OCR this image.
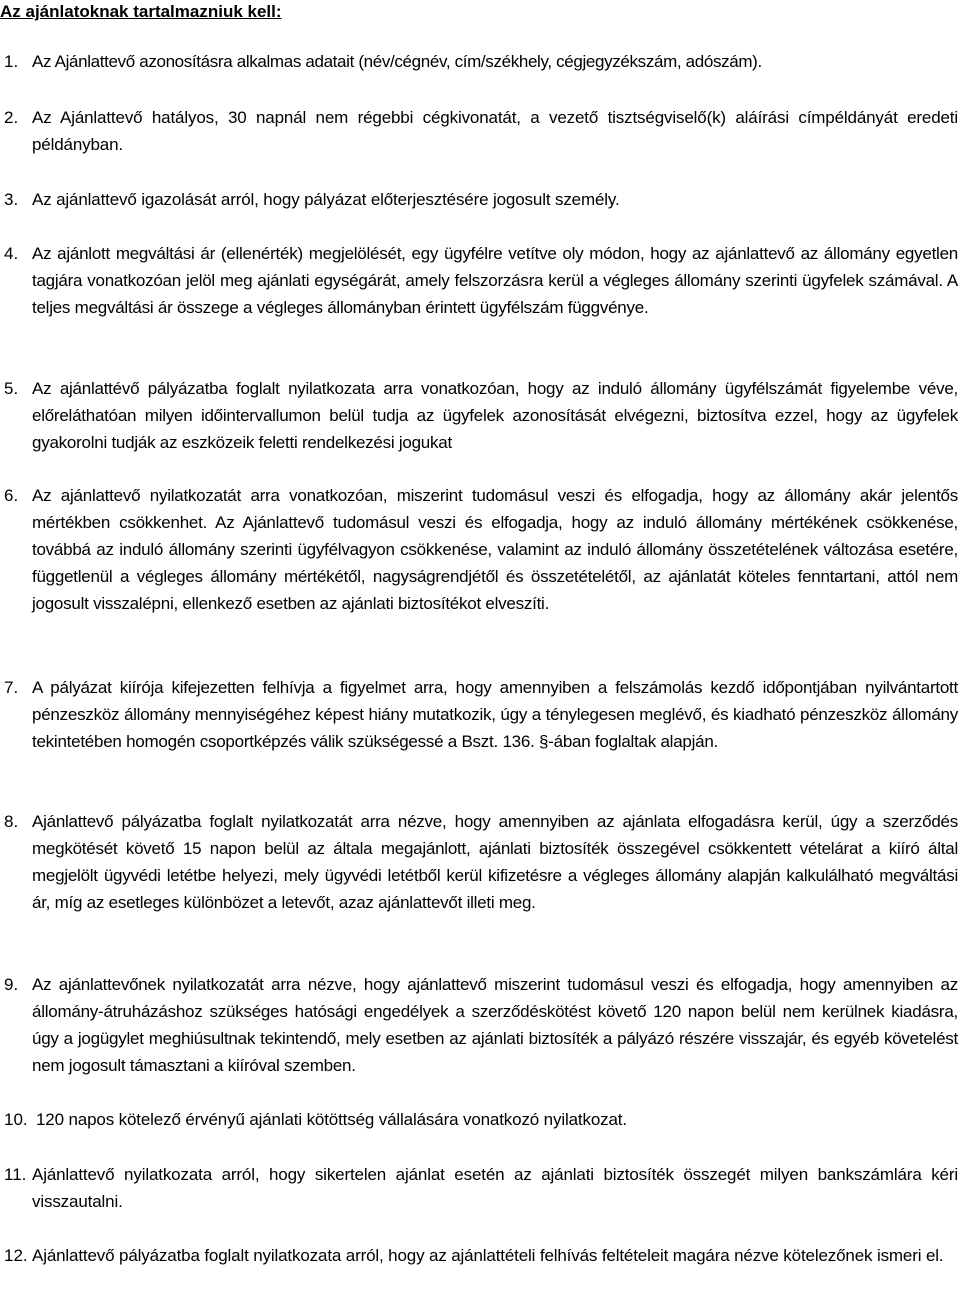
Az ajánlatoknak tartalmazniuk kell:
1. Az Ajánlattevő azonosításra alkalmas adatait (név/cégnév, cím/székhely, cégjegyzékszám, adószám).
2. Az Ajánlattevő hatályos, 30 napnál nem régebbi cégkivonatát, a vezető tisztségviselő(k) aláírási címpéldányát eredeti példányban.
3. Az ajánlattevő igazolását arról, hogy pályázat előterjesztésére jogosult személy.
4. Az ajánlott megváltási ár (ellenérték) megjelölését, egy ügyfélre vetítve oly módon, hogy az ajánlattevő az állomány egyetlen tagjára vonatkozóan jelöl meg ajánlati egységárát, amely felszorzásra kerül a végleges állomány szerinti ügyfelek számával. A teljes megváltási ár összege a végleges állományban érintett ügyfélszám függvénye.
5. Az ajánlattévő pályázatba foglalt nyilatkozata arra vonatkozóan, hogy az induló állomány ügyfélszámát figyelembe véve, előreláthatóan milyen időintervallumon belül tudja az ügyfelek azonosítását elvégezni, biztosítva ezzel, hogy az ügyfelek gyakorolni tudják az eszközeik feletti rendelkezési jogukat
6. Az ajánlattevő nyilatkozatát arra vonatkozóan, miszerint tudomásul veszi és elfogadja, hogy az állomány akár jelentős mértékben csökkenhet. Az Ajánlattevő tudomásul veszi és elfogadja, hogy az induló állomány mértékének csökkenése, továbbá az induló állomány szerinti ügyfélvagyon csökkenése, valamint az induló állomány összetételének változása esetére, függetlenül a végleges állomány mértékétől, nagyságrendjétől és összetételétől, az ajánlatát köteles fenntartani, attól nem jogosult visszalépni, ellenkező esetben az ajánlati biztosítékot elveszíti.
7. A pályázat kiírója kifejezetten felhívja a figyelmet arra, hogy amennyiben a felszámolás kezdő időpontjában nyilvántartott pénzeszköz állomány mennyiségéhez képest hiány mutatkozik, úgy a ténylegesen meglévő, és kiadható pénzeszköz állomány tekintetében homogén csoportképzés válik szükségessé a Bszt. 136. §-ában foglaltak alapján.
8. Ajánlattevő pályázatba foglalt nyilatkozatát arra nézve, hogy amennyiben az ajánlata elfogadásra kerül, úgy a szerződés megkötését követő 15 napon belül az általa megajánlott, ajánlati biztosíték összegével csökkentett vételárat a kiíró által megjelölt ügyvédi letétbe helyezi, mely ügyvédi letétből kerül kifizetésre a végleges állomány alapján kalkulálható megváltási ár, míg az esetleges különbözet a letevőt, azaz ajánlattevőt illeti meg.
9. Az ajánlattevőnek nyilatkozatát arra nézve, hogy ajánlattevő miszerint tudomásul veszi és elfogadja, hogy amennyiben az állomány-átruházáshoz szükséges hatósági engedélyek a szerződéskötést követő 120 napon belül nem kerülnek kiadásra, úgy a jogügylet meghiúsultnak tekintendő, mely esetben az ajánlati biztosíték a pályázó részére visszajár, és egyéb követelést nem jogosult támasztani a kiíróval szemben.
10. 120 napos kötelező érvényű ajánlati kötöttség vállalására vonatkozó nyilatkozat.
11. Ajánlattevő nyilatkozata arról, hogy sikertelen ajánlat esetén az ajánlati biztosíték összegét milyen bankszámlára kéri visszautalni.
12. Ajánlattevő pályázatba foglalt nyilatkozata arról, hogy az ajánlattételi felhívás feltételeit magára nézve kötelezőnek ismeri el.
